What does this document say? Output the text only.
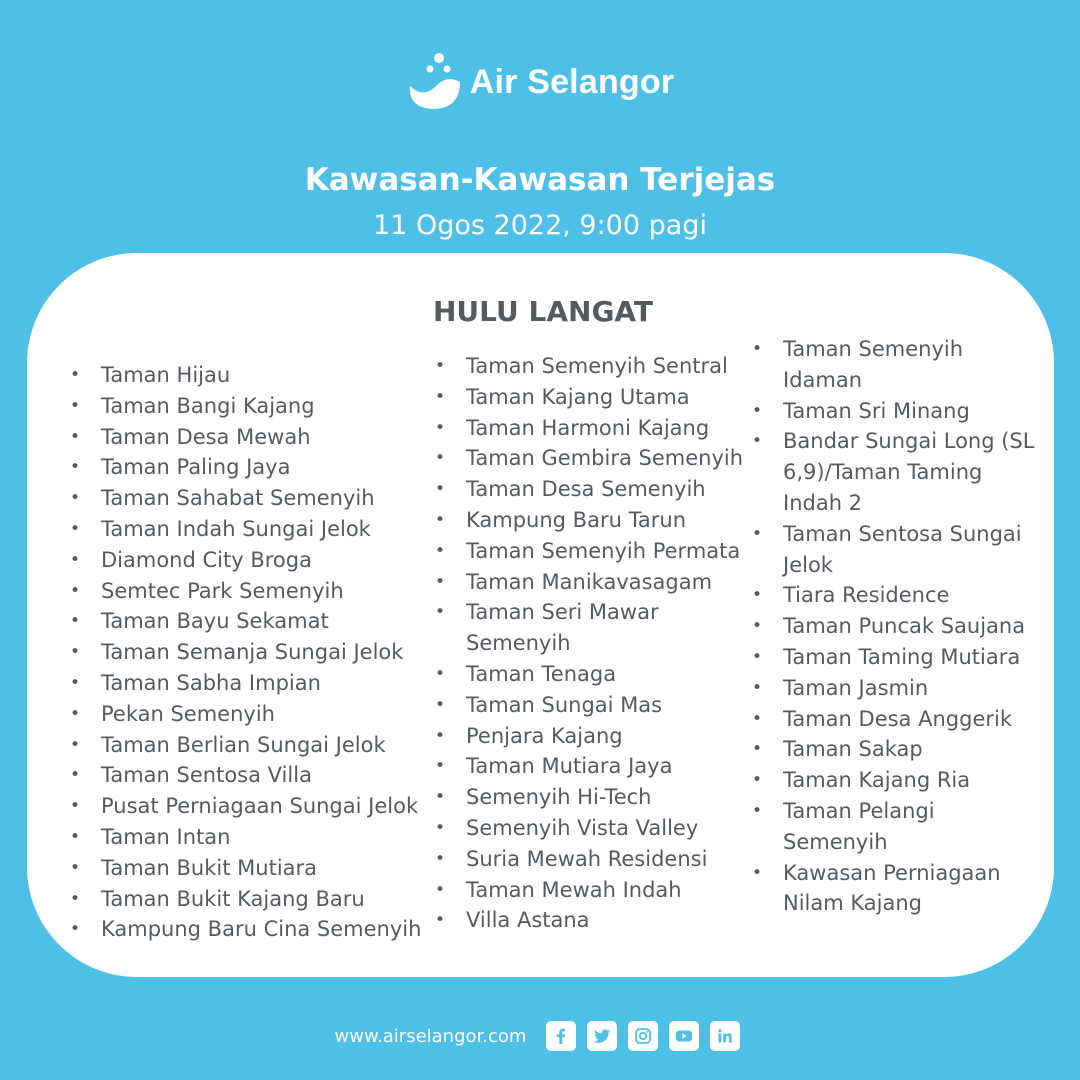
Air Selangor
Kawasan-Kawasan Terjejas
11 Ogos 2022, 9:00 pagi
HULU LANGAT
• Taman Hijau
• Taman Bangi Kajang
• Taman Desa Mewah
• Taman Paling Jaya
• Taman Sahabat Semenyih
• Taman Indah Sungai Jelok
• Diamond City Broga
• Semtec Park Semenyih
• Taman Bayu Sekamat
• Taman Semanja Sungai Jelok
• Taman Sabha Impian
• Pekan Semenyih
• Taman Berlian Sungai Jelok
• Taman Sentosa Villa
• Pusat Perniagaan Sungai Jelok
• Taman Intan
• Taman Bukit Mutiara
• Taman Bukit Kajang Baru
• Kampung Baru Cina Semenyih
• Taman Semenyih Sentral
• Taman Kajang Utama
• Taman Harmoni Kajang
• Taman Gembira Semenyih
• Taman Desa Semenyih
• Kampung Baru Tarun
• Taman Semenyih Permata
• Taman Manikavasagam
• Taman Seri Mawar Semenyih
• Taman Tenaga
• Taman Sungai Mas
• Penjara Kajang
• Taman Mutiara Jaya
• Semenyih Hi-Tech
• Semenyih Vista Valley
• Suria Mewah Residensi
• Taman Mewah Indah
• Villa Astana
• Taman Semenyih Idaman
• Taman Sri Minang
• Bandar Sungai Long (SL 6,9)/Taman Taming Indah 2
• Taman Sentosa Sungai Jelok
• Tiara Residence
• Taman Puncak Saujana
• Taman Taming Mutiara
• Taman Jasmin
• Taman Desa Anggerik
• Taman Sakap
• Taman Kajang Ria
• Taman Pelangi Semenyih
• Kawasan Perniagaan Nilam Kajang
www.airselangor.com
